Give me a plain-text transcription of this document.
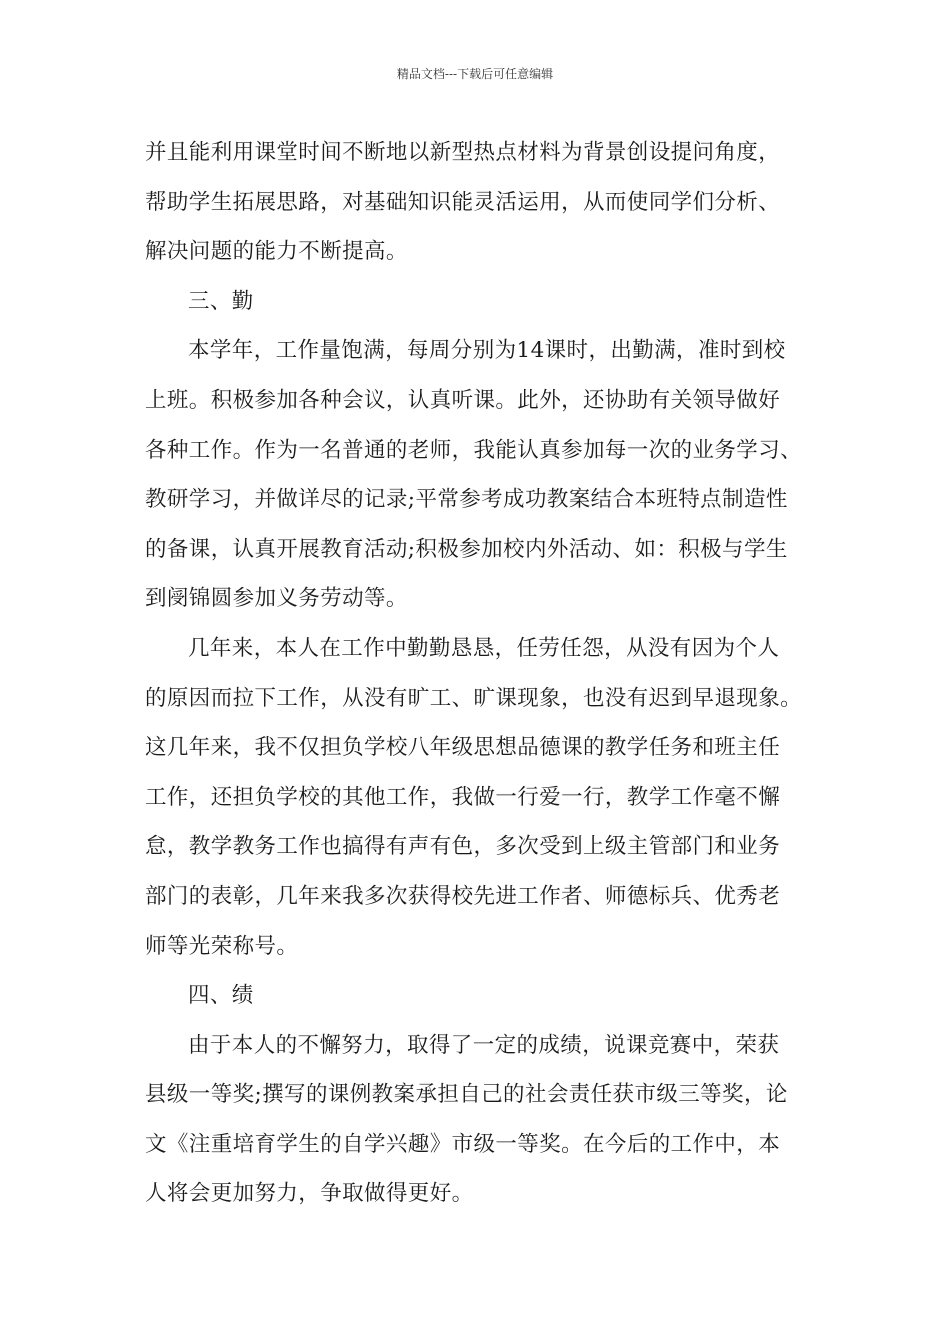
精品文档---下载后可任意编辑
并且能利用课堂时间不断地以新型热点材料为背景创设提问角度，
帮助学生拓展思路，对基础知识能灵活运用，从而使同学们分析、
解决问题的能力不断提高。
三、勤
本学年，工作量饱满，每周分别为14课时，出勤满，准时到校
上班。积极参加各种会议，认真听课。此外，还协助有关领导做好
各种工作。作为一名普通的老师，我能认真参加每一次的业务学习、
教研学习，并做详尽的记录;平常参考成功教案结合本班特点制造性
的备课，认真开展教育活动;积极参加校内外活动、如：积极与学生
到阌锦圆参加义务劳动等。
几年来，本人在工作中勤勤恳恳，任劳任怨，从没有因为个人
的原因而拉下工作，从没有旷工、旷课现象，也没有迟到早退现象。
这几年来，我不仅担负学校八年级思想品德课的教学任务和班主任
工作，还担负学校的其他工作，我做一行爱一行，教学工作毫不懈
怠，教学教务工作也搞得有声有色，多次受到上级主管部门和业务
部门的表彰，几年来我多次获得校先进工作者、师德标兵、优秀老
师等光荣称号。
四、绩
由于本人的不懈努力，取得了一定的成绩，说课竞赛中，荣获
县级一等奖;撰写的课例教案承担自己的社会责任获市级三等奖，论
文《注重培育学生的自学兴趣》市级一等奖。在今后的工作中，本
人将会更加努力，争取做得更好。
